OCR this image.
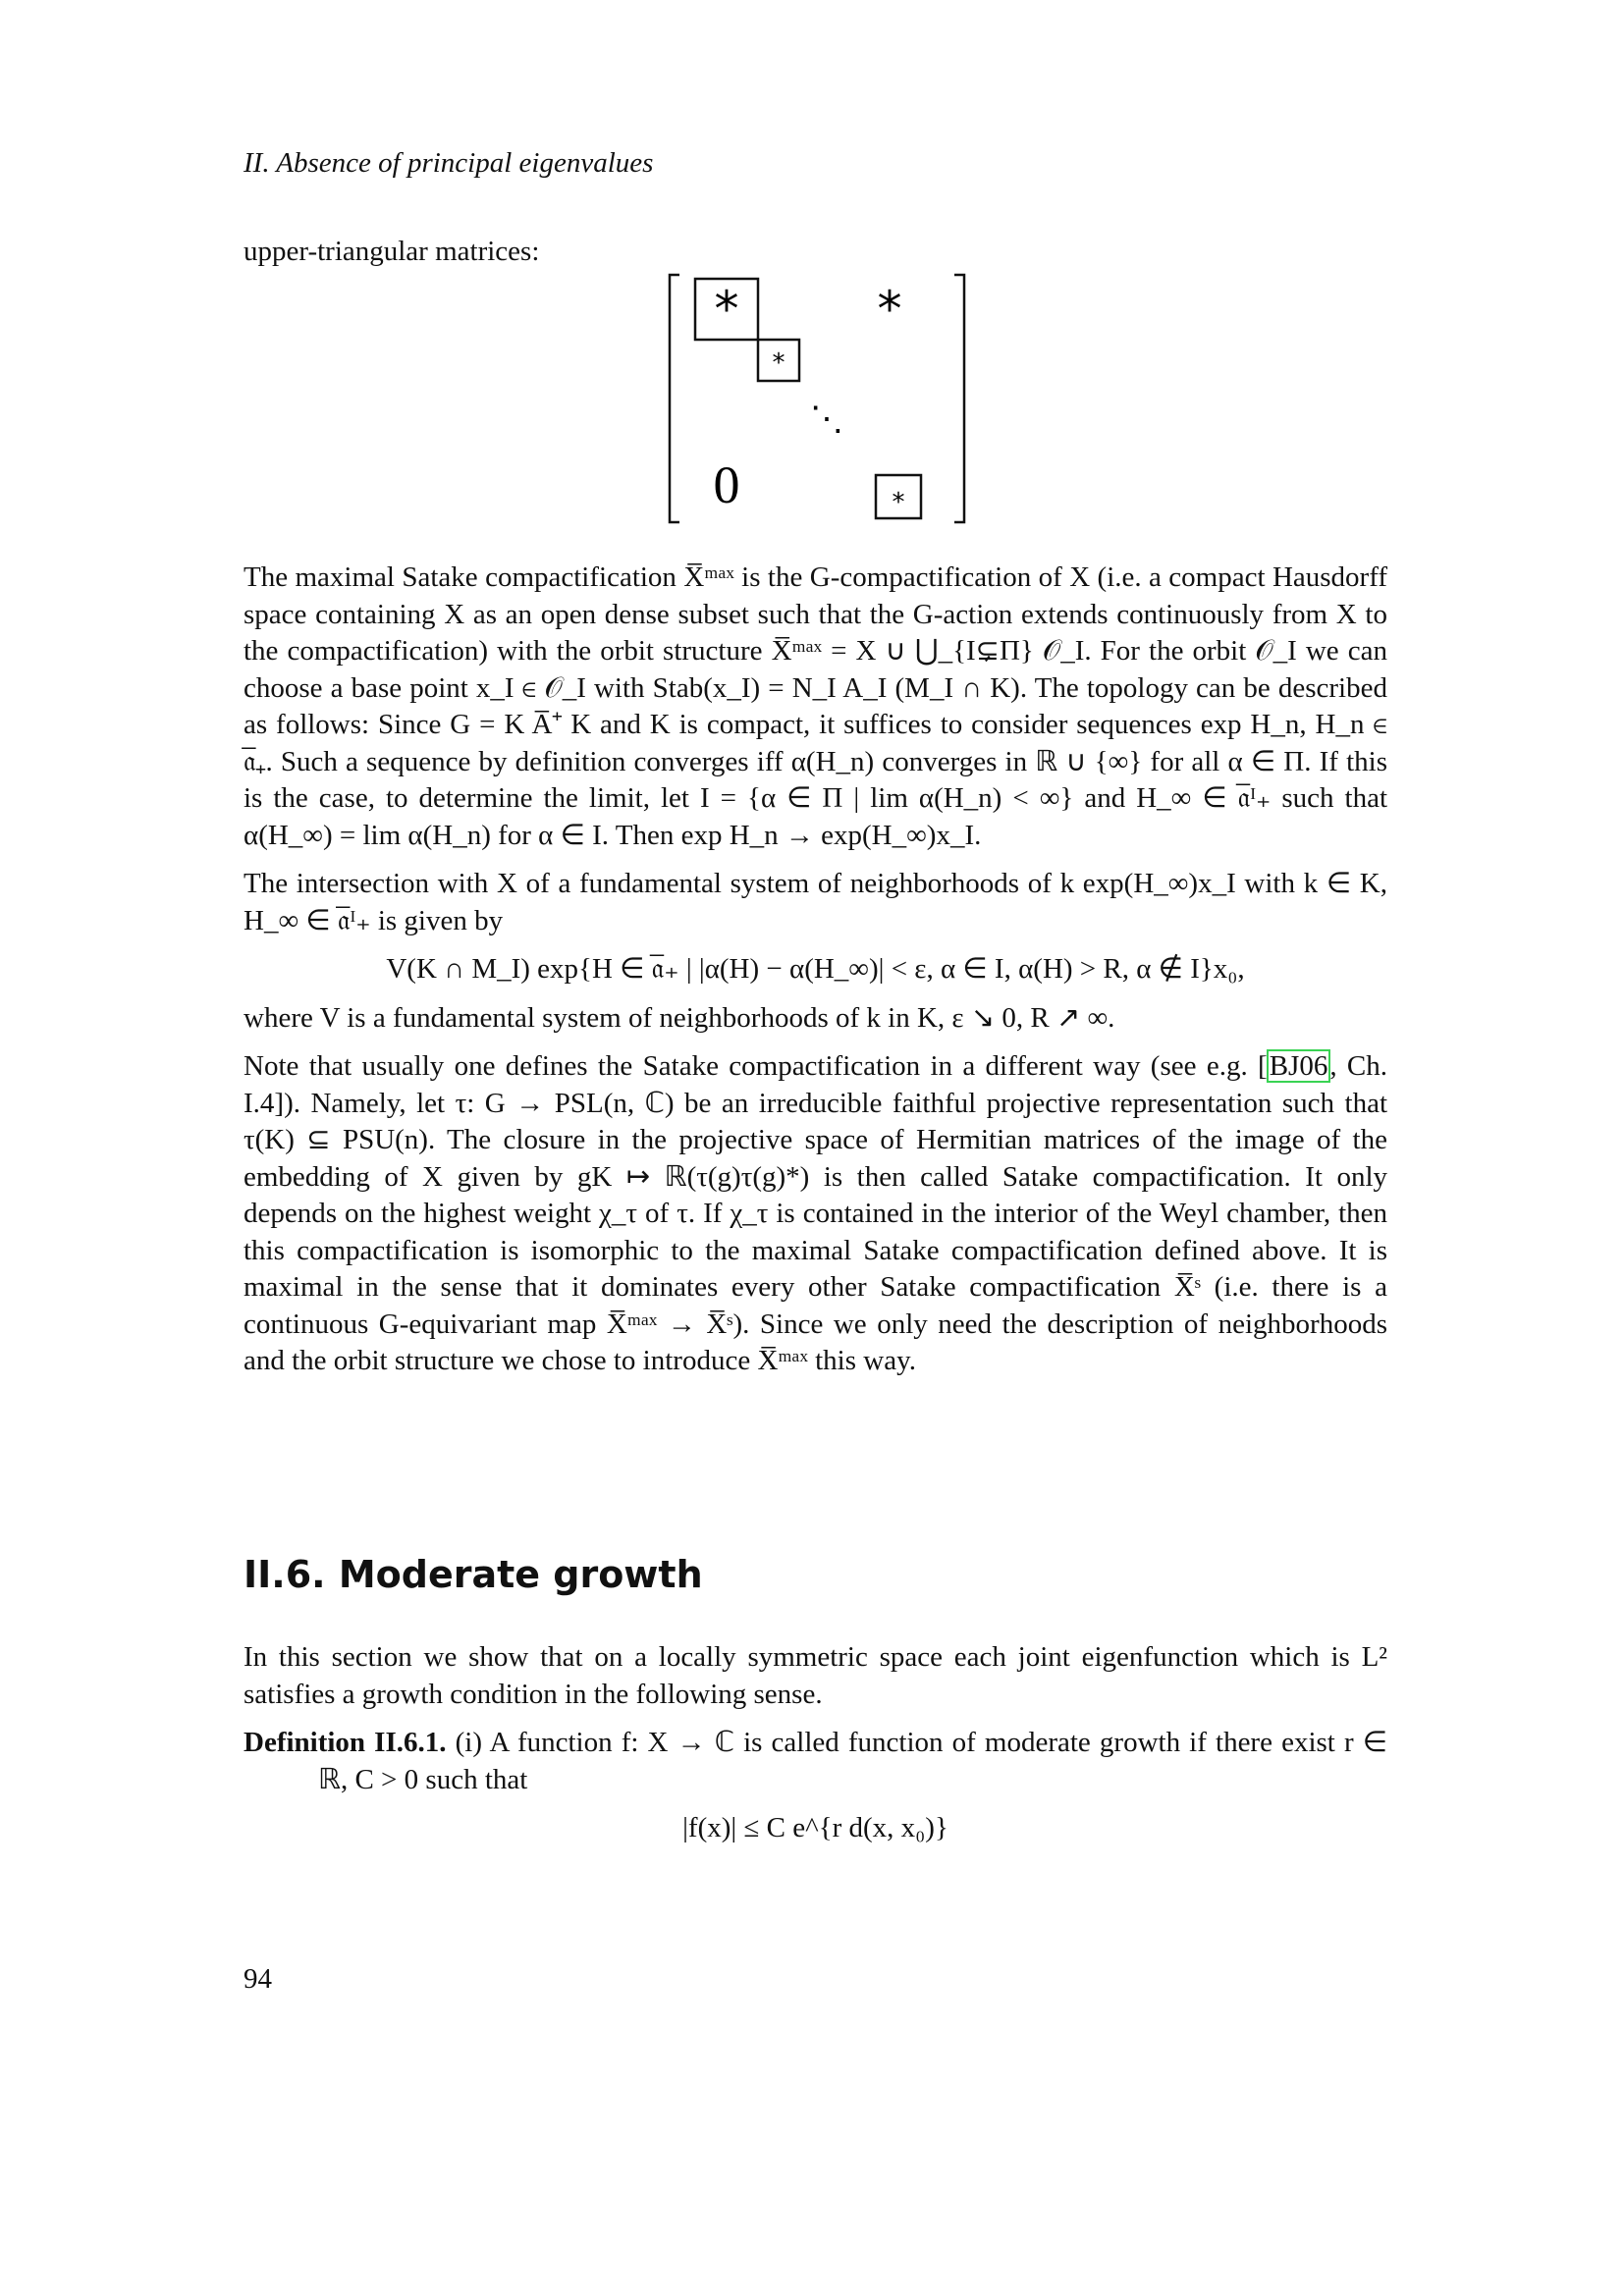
II. Absence of principal eigenvalues

upper-triangular matrices:

*	*
*
⋱
0	*

The maximal Satake compactification X̅ᵐᵃˣ is the G-compactification of X (i.e. a compact Hausdorff space containing X as an open dense subset such that the G-action extends continuously from X to the compactification) with the orbit structure X̅ᵐᵃˣ = X ∪ ⋃_{I⊊Π} 𝒪_I. For the orbit 𝒪_I we can choose a base point x_I ∈ 𝒪_I with Stab(x_I) = N_I A_I (M_I ∩ K). The topology can be described as follows: Since G = K A̅⁺ K and K is compact, it suffices to consider sequences exp H_n, H_n ∈ 𝔞̅₊. Such a sequence by definition converges iff α(H_n) converges in ℝ ∪ {∞} for all α ∈ Π. If this is the case, to determine the limit, let I = {α ∈ Π | lim α(H_n) < ∞} and H_∞ ∈ 𝔞̅ᴵ₊ such that α(H_∞) = lim α(H_n) for α ∈ I. Then exp H_n → exp(H_∞)x_I.

The intersection with X of a fundamental system of neighborhoods of k exp(H_∞)x_I with k ∈ K, H_∞ ∈ 𝔞̅ᴵ₊ is given by

V(K ∩ M_I) exp{H ∈ 𝔞̅₊ | |α(H) − α(H_∞)| < ε, α ∈ I, α(H) > R, α ∉ I}x₀,

where V is a fundamental system of neighborhoods of k in K, ε ↘ 0, R ↗ ∞.

Note that usually one defines the Satake compactification in a different way (see e.g. [BJ06, Ch. I.4]). Namely, let τ: G → PSL(n, ℂ) be an irreducible faithful projective representation such that τ(K) ⊆ PSU(n). The closure in the projective space of Hermitian matrices of the image of the embedding of X given by gK ↦ ℝ(τ(g)τ(g)*) is then called Satake compactification. It only depends on the highest weight χ_τ of τ. If χ_τ is contained in the interior of the Weyl chamber, then this compactification is isomorphic to the maximal Satake compactification defined above. It is maximal in the sense that it dominates every other Satake compactification X̅ˢ (i.e. there is a continuous G-equivariant map X̅ᵐᵃˣ → X̅ˢ). Since we only need the description of neighborhoods and the orbit structure we chose to introduce X̅ᵐᵃˣ this way.

II.6. Moderate growth

In this section we show that on a locally symmetric space each joint eigenfunction which is L² satisfies a growth condition in the following sense.

Definition II.6.1. (i) A function f: X → ℂ is called function of moderate growth if there exist r ∈ ℝ, C > 0 such that

|f(x)| ≤ C e^{r d(x, x₀)}
94
